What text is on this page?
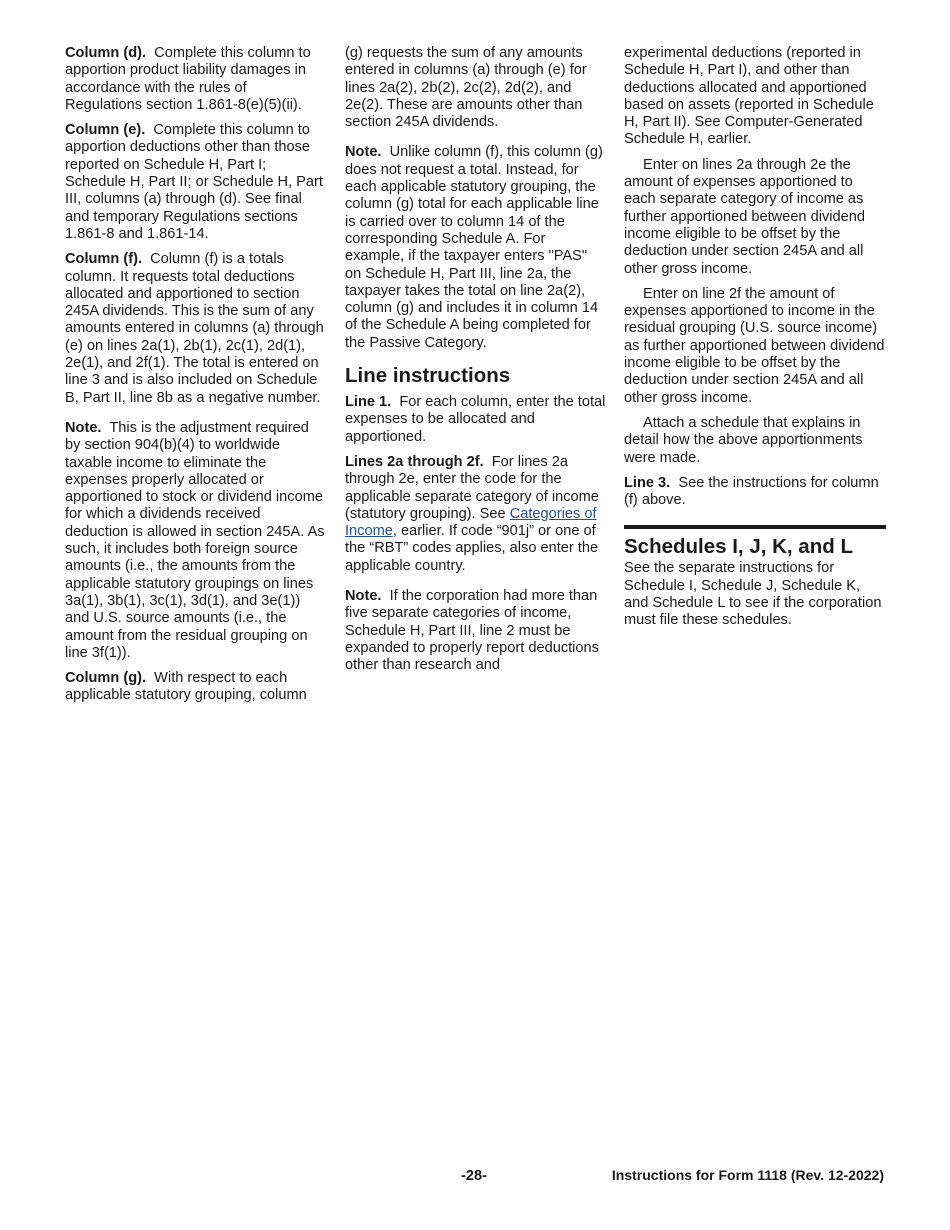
Column (d). Complete this column to apportion product liability damages in accordance with the rules of Regulations section 1.861-8(e)(5)(ii).

Column (e). Complete this column to apportion deductions other than those reported on Schedule H, Part I; Schedule H, Part II; or Schedule H, Part III, columns (a) through (d). See final and temporary Regulations sections 1.861-8 and 1.861-14.

Column (f). Column (f) is a totals column. It requests total deductions allocated and apportioned to section 245A dividends. This is the sum of any amounts entered in columns (a) through (e) on lines 2a(1), 2b(1), 2c(1), 2d(1), 2e(1), and 2f(1). The total is entered on line 3 and is also included on Schedule B, Part II, line 8b as a negative number.

Note. This is the adjustment required by section 904(b)(4) to worldwide taxable income to eliminate the expenses properly allocated or apportioned to stock or dividend income for which a dividends received deduction is allowed in section 245A. As such, it includes both foreign source amounts (i.e., the amounts from the applicable statutory groupings on lines 3a(1), 3b(1), 3c(1), 3d(1), and 3e(1)) and U.S. source amounts (i.e., the amount from the residual grouping on line 3f(1)).

Column (g). With respect to each applicable statutory grouping, column

(g) requests the sum of any amounts entered in columns (a) through (e) for lines 2a(2), 2b(2), 2c(2), 2d(2), and 2e(2). These are amounts other than section 245A dividends.

Note. Unlike column (f), this column (g) does not request a total. Instead, for each applicable statutory grouping, the column (g) total for each applicable line is carried over to column 14 of the corresponding Schedule A. For example, if the taxpayer enters "PAS" on Schedule H, Part III, line 2a, the taxpayer takes the total on line 2a(2), column (g) and includes it in column 14 of the Schedule A being completed for the Passive Category.

Line instructions

Line 1. For each column, enter the total expenses to be allocated and apportioned.

Lines 2a through 2f. For lines 2a through 2e, enter the code for the applicable separate category of income (statutory grouping). See Categories of Income, earlier. If code “901j” or one of the “RBT” codes applies, also enter the applicable country.

Note. If the corporation had more than five separate categories of income, Schedule H, Part III, line 2 must be expanded to properly report deductions other than research and

experimental deductions (reported in Schedule H, Part I), and other than deductions allocated and apportioned based on assets (reported in Schedule H, Part II). See Computer-Generated Schedule H, earlier.

Enter on lines 2a through 2e the amount of expenses apportioned to each separate category of income as further apportioned between dividend income eligible to be offset by the deduction under section 245A and all other gross income.

Enter on line 2f the amount of expenses apportioned to income in the residual grouping (U.S. source income) as further apportioned between dividend income eligible to be offset by the deduction under section 245A and all other gross income.

Attach a schedule that explains in detail how the above apportionments were made.

Line 3. See the instructions for column (f) above.

Schedules I, J, K, and L

See the separate instructions for Schedule I, Schedule J, Schedule K, and Schedule L to see if the corporation must file these schedules.

-28-	Instructions for Form 1118 (Rev. 12-2022)
